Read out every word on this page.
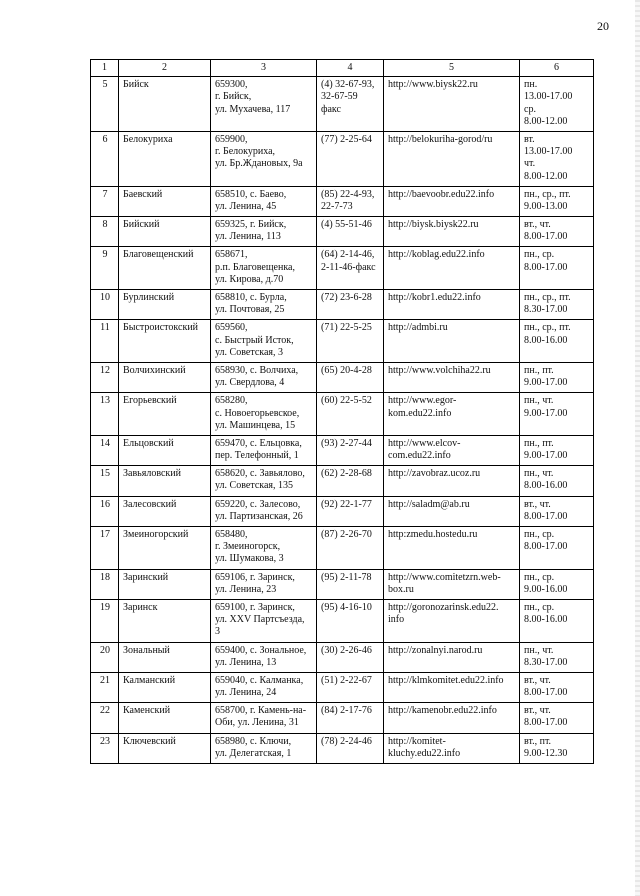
20
1	2	3	4	5	6
5	Бийск	659300,
г. Бийск,
ул. Мухачева, 117	(4) 32-67-93,
32-67-59
факс	http://www.biysk22.ru	пн.
13.00-17.00
ср.
8.00-12.00
6	Белокуриха	659900,
г. Белокуриха,
ул. Бр.Ждановых, 9а	(77) 2-25-64	http://belokuriha-gorod/ru	вт.
13.00-17.00
чт.
8.00-12.00
7	Баевский	658510, с. Баево,
ул. Ленина, 45	(85) 22-4-93,
22-7-73	http://baevoobr.edu22.info	пн., ср., пт.
9.00-13.00
8	Бийский	659325, г. Бийск,
ул. Ленина, 113	(4) 55-51-46	http://biysk.biysk22.ru	вт., чт.
8.00-17.00
9	Благовещенский	658671,
р.п. Благовещенка,
ул. Кирова, д.70	(64) 2-14-46,
2-11-46-факс	http://koblag.edu22.info	пн., ср.
8.00-17.00
10	Бурлинский	658810, с. Бурла,
ул. Почтовая, 25	(72) 23-6-28	http://kobr1.edu22.info	пн., ср., пт.
8.30-17.00
11	Быстроистокский	659560,
с. Быстрый Исток,
ул. Советская, 3	(71) 22-5-25	http://admbi.ru	пн., ср., пт.
8.00-16.00
12	Волчихинский	658930, с. Волчиха,
ул. Свердлова, 4	(65) 20-4-28	http://www.volchiha22.ru	пн., пт.
9.00-17.00
13	Егорьевский	658280,
с. Новоегорьевское,
ул. Машинцева, 15	(60) 22-5-52	http://www.egor-
kom.edu22.info	пн., чт.
9.00-17.00
14	Ельцовский	659470, с. Ельцовка,
пер. Телефонный, 1	(93) 2-27-44	http://www.elcov-
com.edu22.info	пн., пт.
9.00-17.00
15	Завьяловский	658620, с. Завьялово,
ул. Советская, 135	(62) 2-28-68	http://zavobraz.ucoz.ru	пн., чт.
8.00-16.00
16	Залесовский	659220, с. Залесово,
ул. Партизанская, 26	(92) 22-1-77	http://saladm@ab.ru	вт., чт.
8.00-17.00
17	Змеиногорский	658480,
г. Змеиногорск,
ул. Шумакова, 3	(87) 2-26-70	http:zmedu.hostedu.ru	пн., ср.
8.00-17.00
18	Заринский	659106, г. Заринск,
ул. Ленина, 23	(95) 2-11-78	http://www.comitetzrn.web-
box.ru	пн., ср.
9.00-16.00
19	Заринск	659100, г. Заринск,
ул. XXV Партсъезда,
3	(95) 4-16-10	http://goronozarinsk.edu22.
info	пн., ср.
8.00-16.00
20	Зональный	659400, с. Зональное,
ул. Ленина, 13	(30) 2-26-46	http://zonalnyi.narod.ru	пн., чт.
8.30-17.00
21	Калманский	659040, с. Калманка,
ул. Ленина, 24	(51) 2-22-67	http://klmkomitet.edu22.info	вт., чт.
8.00-17.00
22	Каменский	658700, г. Камень-на-
Оби, ул. Ленина, 31	(84) 2-17-76	http://kamenobr.edu22.info	вт., чт.
8.00-17.00
23	Ключевский	658980, с. Ключи,
ул. Делегатская, 1	(78) 2-24-46	http://komitet-
kluchy.edu22.info	вт., пт.
9.00-12.30
